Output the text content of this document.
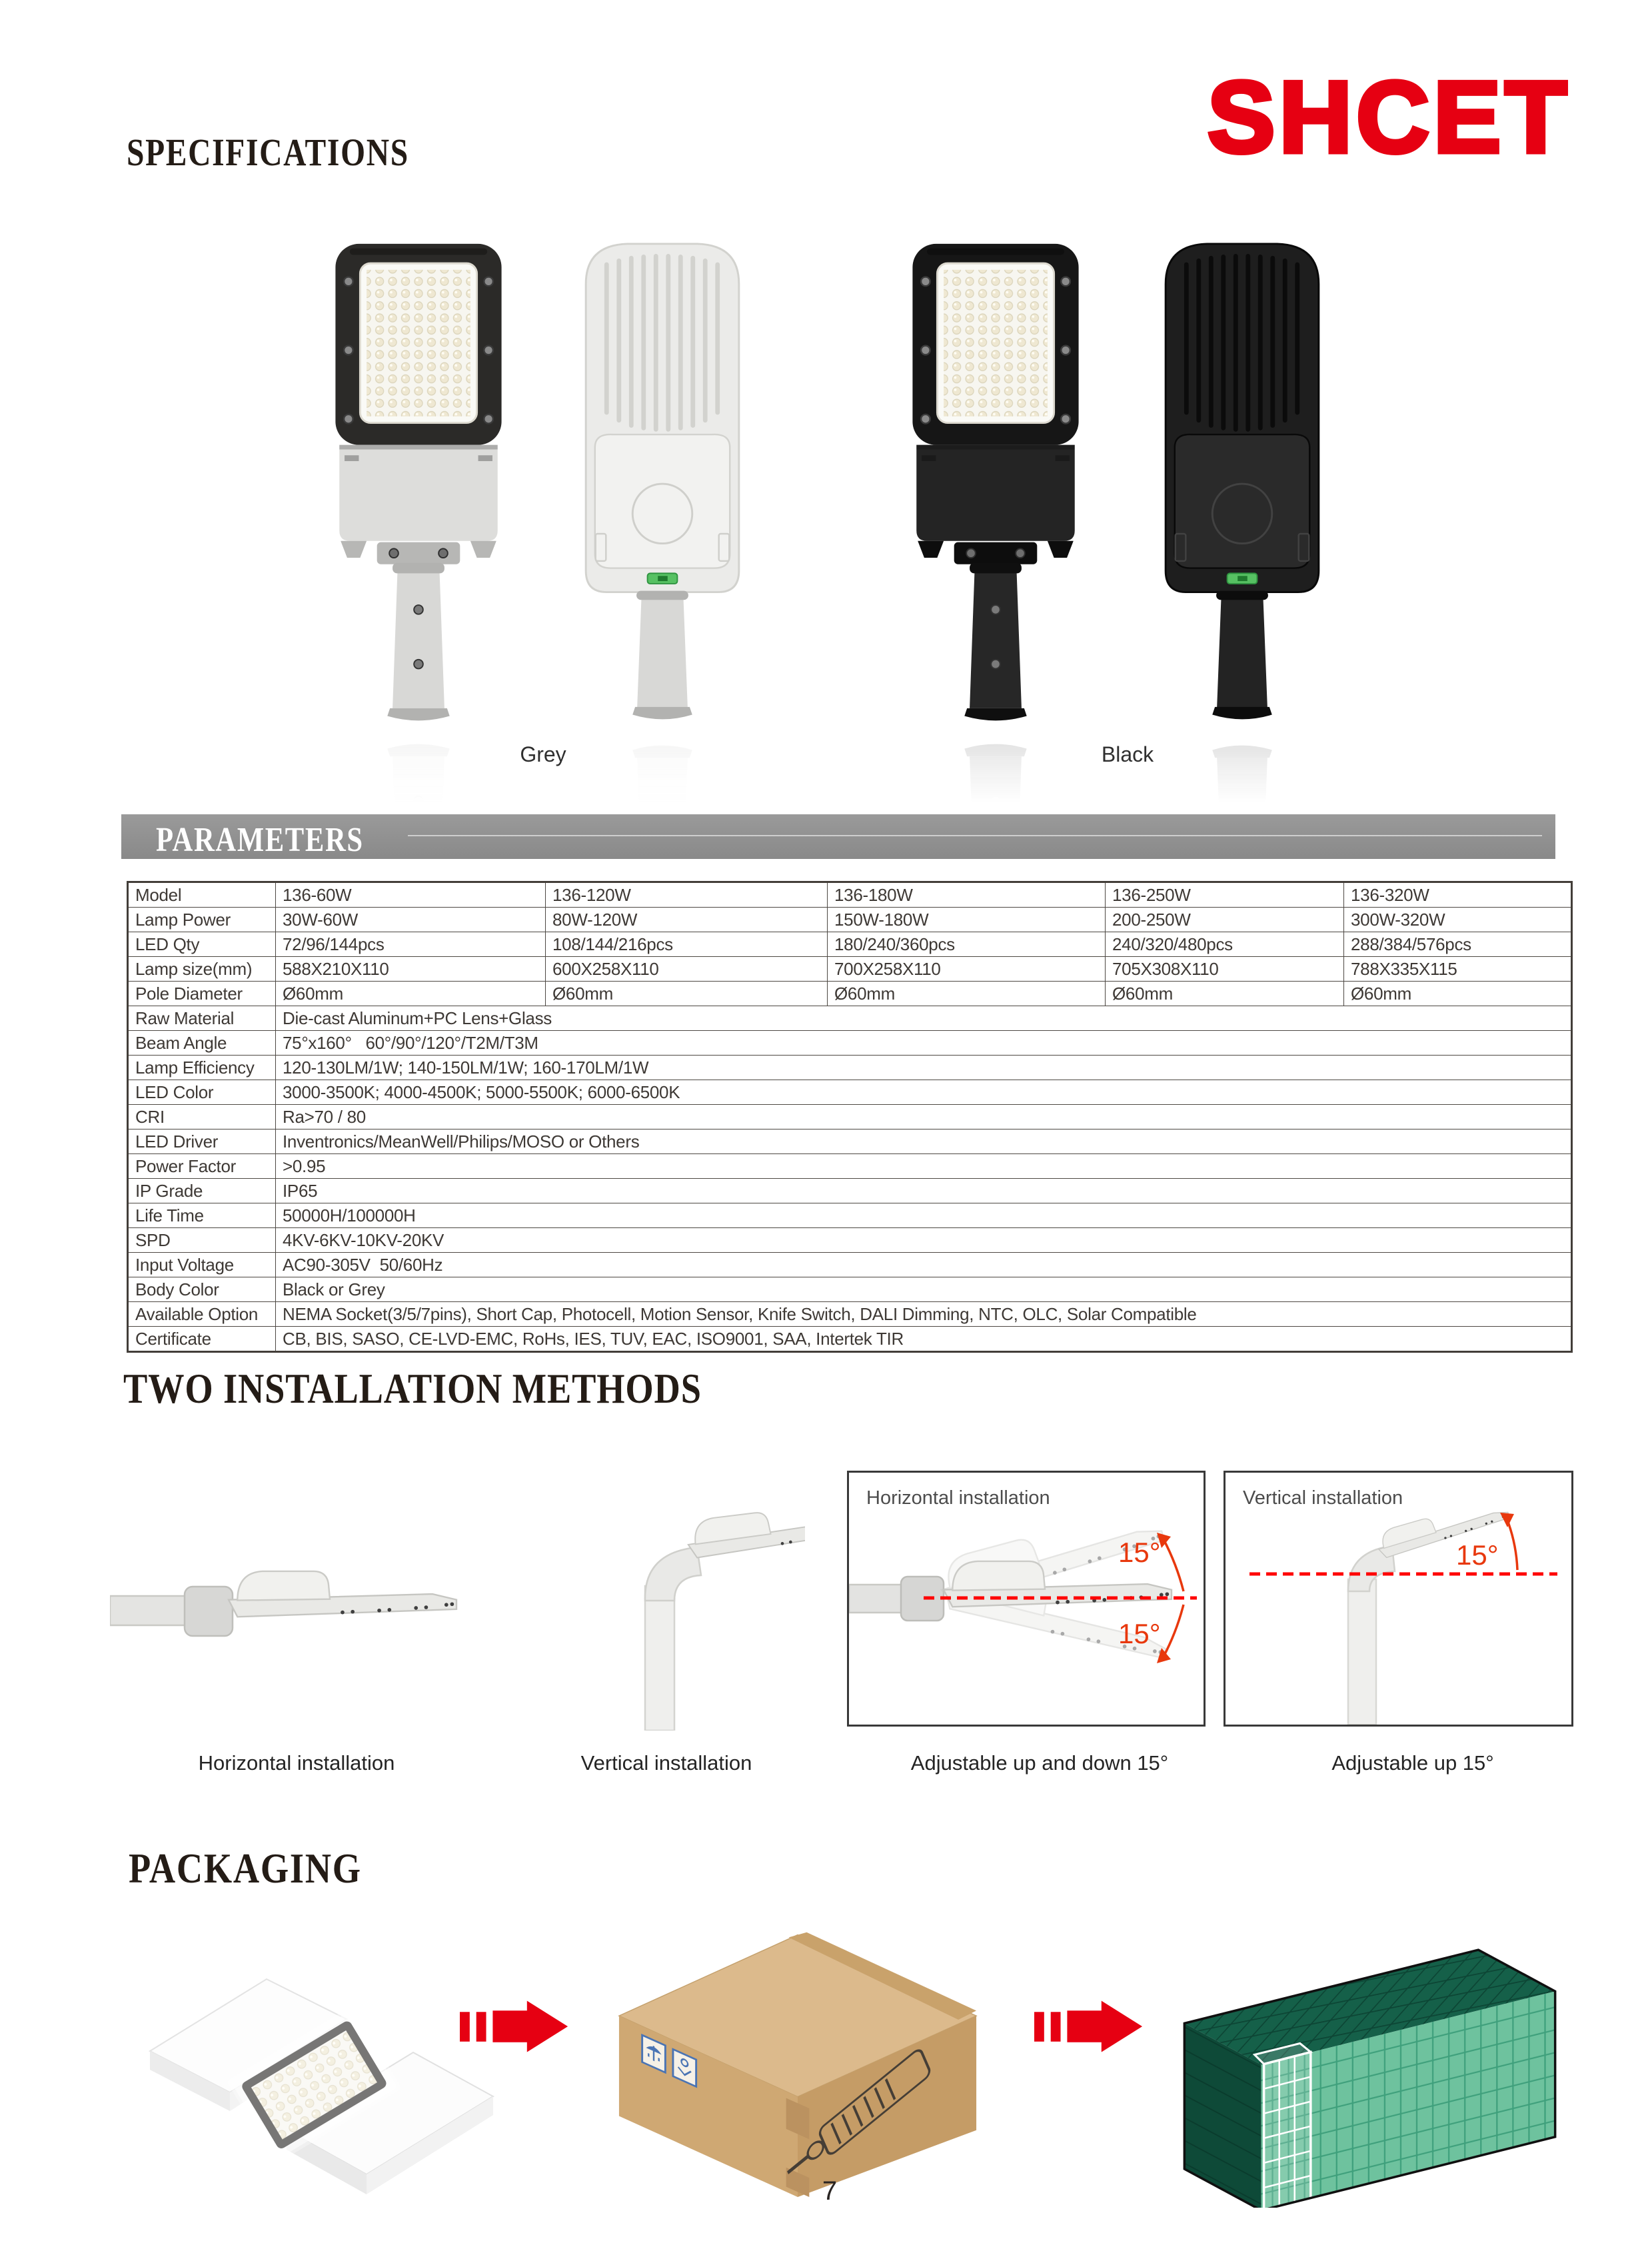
SPECIFICATIONS	SHCET
Grey	Black
PARAMETERS
Model	136-60W	136-120W	136-180W	136-250W	136-320W
Lamp Power	30W-60W	80W-120W	150W-180W	200-250W	300W-320W
LED Qty	72/96/144pcs	108/144/216pcs	180/240/360pcs	240/320/480pcs	288/384/576pcs
Lamp size(mm)	588X210X110	600X258X110	700X258X110	705X308X110	788X335X115
Pole Diameter	Ø60mm	Ø60mm	Ø60mm	Ø60mm	Ø60mm
Raw Material	Die-cast Aluminum+PC Lens+Glass				
Beam Angle	75°x160°   60°/90°/120°/T2M/T3M				
Lamp Efficiency	120-130LM/1W; 140-150LM/1W; 160-170LM/1W				
LED Color	3000-3500K; 4000-4500K; 5000-5500K; 6000-6500K				
CRI	Ra>70 / 80				
LED Driver	Inventronics/MeanWell/Philips/MOSO or Others				
Power Factor	>0.95				
IP Grade	IP65				
Life Time	50000H/100000H				
SPD	4KV-6KV-10KV-20KV				
Input Voltage	AC90-305V  50/60Hz				
Body Color	Black or Grey				
Available Option	NEMA Socket(3/5/7pins), Short Cap, Photocell, Motion Sensor, Knife Switch, DALI Dimming, NTC, OLC, Solar Compatible				
Certificate	CB, BIS, SASO, CE-LVD-EMC, RoHs, IES, TUV, EAC, ISO9001, SAA, Intertek TIR				
TWO INSTALLATION METHODS
Horizontal installation
15°
15°
Vertical installation
15°
Horizontal installation	Vertical installation	Adjustable up and down 15°	Adjustable up 15°
PACKAGING
7
